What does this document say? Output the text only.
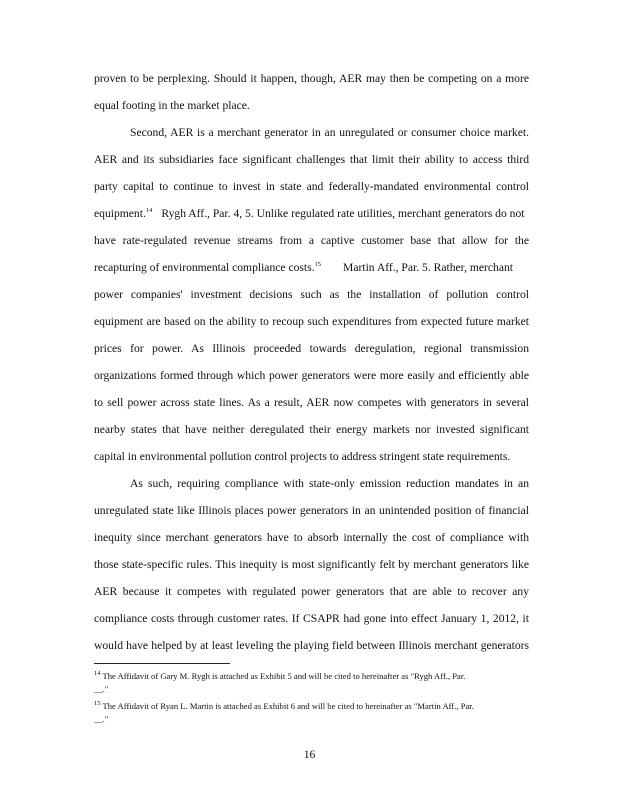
proven to be perplexing. Should it happen, though, AER may then be competing on a more
equal footing in the market place.
Second, AER is a merchant generator in an unregulated or consumer choice market.
AER and its subsidiaries face significant challenges that limit their ability to access third
party capital to continue to invest in state and federally-mandated environmental control
equipment.$^{14}$ Rygh Aff., Par. 4, 5. Unlike regulated rate utilities, merchant generators do not
have rate-regulated revenue streams from a captive customer base that allow for the
recapturing of environmental compliance costs.$^{15}$ Martin Aff., Par. 5. Rather, merchant
power companies' investment decisions such as the installation of pollution control
equipment are based on the ability to recoup such expenditures from expected future market
prices for power. As Illinois proceeded towards deregulation, regional transmission
organizations formed through which power generators were more easily and efficiently able
to sell power across state lines. As a result, AER now competes with generators in several
nearby states that have neither deregulated their energy markets nor invested significant
capital in environmental pollution control projects to address stringent state requirements.
As such, requiring compliance with state-only emission reduction mandates in an
unregulated state like Illinois places power generators in an unintended position of financial
inequity since merchant generators have to absorb internally the cost of compliance with
those state-specific rules. This inequity is most significantly felt by merchant generators like
AER because it competes with regulated power generators that are able to recover any
compliance costs through customer rates. If CSAPR had gone into effect January 1, 2012, it
would have helped by at least leveling the playing field between Illinois merchant generators
$^{14}$ The Affidavit of Gary M. Rygh is attached as Exhibit 5 and will be cited to hereinafter as "Rygh Aff., Par.
__."
$^{15}$ The Affidavit of Ryan L. Martin is attached as Exhibit 6 and will be cited to hereinafter as "Martin Aff., Par.
__."
16
